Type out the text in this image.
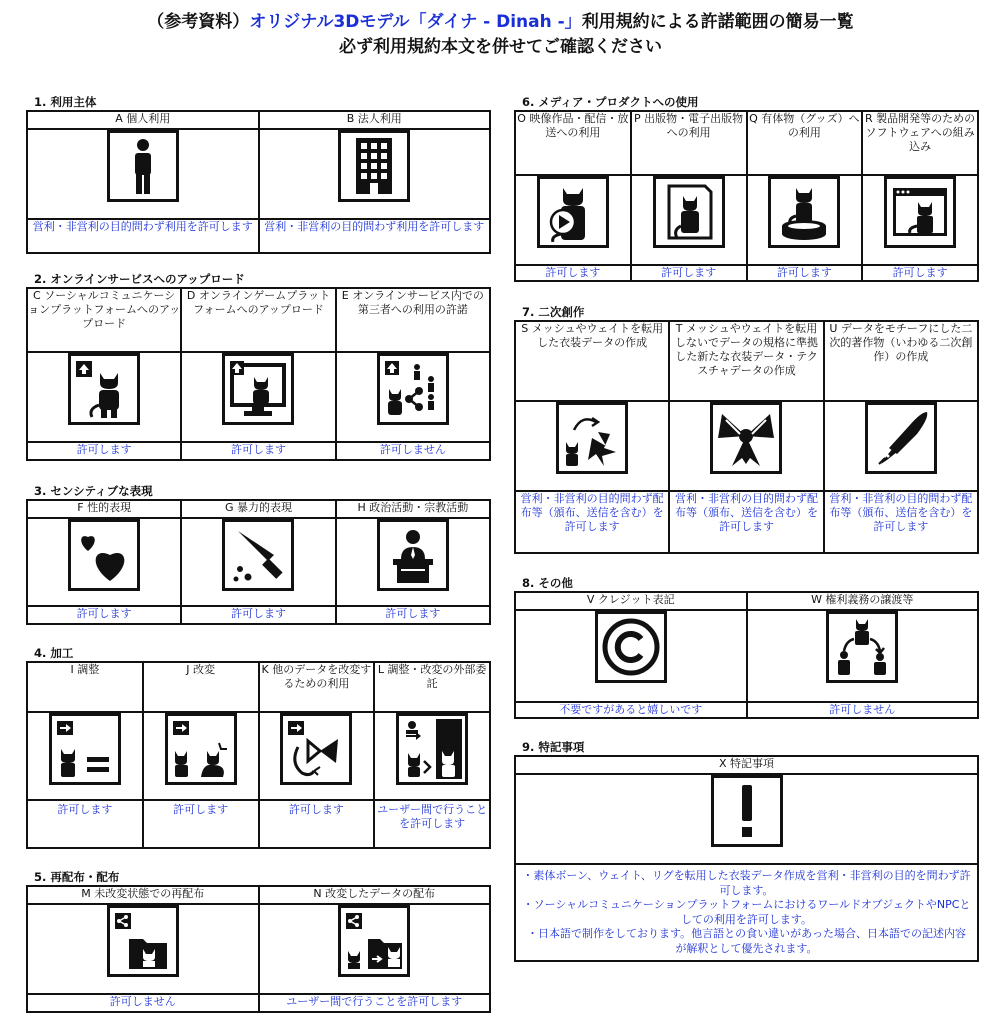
（参考資料）オリジナル3Dモデル「ダイナ - Dinah -」利用規約による許諾範囲の簡易一覧
必ず利用規約本文を併せてご確認ください
1. 利用主体
A 個人利用	B 法人利用

営利・非営利の目的問わず利用を許可します	営利・非営利の目的問わず利用を許可します
2. オンラインサービスへのアップロード
C ソーシャルコミュニケーションプラットフォームへのアップロード	D オンラインゲームプラットフォームへのアップロード	E オンラインサービス内での第三者への利用の許諾

許可します	許可します	許可しません
3. センシティブな表現
F 性的表現	G 暴力的表現	H 政治活動・宗教活動

許可します	許可します	許可します
4. 加工
I 調整	J 改変	K 他のデータを改変するための利用	L 調整・改変の外部委託

許可します	許可します	許可します	ユーザー間で行うことを許可します
5. 再配布・配布
M 未改変状態での再配布	N 改変したデータの配布

許可しません	ユーザー間で行うことを許可します
6. メディア・プロダクトへの使用
O 映像作品・配信・放送への利用	P 出版物・電子出版物への利用	Q 有体物（グッズ）への利用	R 製品開発等のためのソフトウェアへの組み込み

許可します	許可します	許可します	許可します
7. 二次創作
S メッシュやウェイトを転用した衣装データの作成	T メッシュやウェイトを転用しないでデータの規格に準拠した新たな衣装データ・テクスチャデータの作成	U データをモチーフにした二次的著作物（いわゆる二次創作）の作成

営利・非営利の目的問わず配布等（頒布、送信を含む）を許可します	営利・非営利の目的問わず配布等（頒布、送信を含む）を許可します	営利・非営利の目的問わず配布等（頒布、送信を含む）を許可します
8. その他
V クレジット表記	W 権利義務の譲渡等

不要ですがあると嬉しいです	許可しません
9. 特記事項
X 特記事項

・素体ボーン、ウェイト、リグを転用した衣装データ作成を営利・非営利の目的を問わず許可します。
・ソーシャルコミュニケーションプラットフォームにおけるワールドオブジェクトやNPCとしての利用を許可します。
・日本語で制作をしております。他言語との食い違いがあった場合、日本語での記述内容が解釈として優先されます。
